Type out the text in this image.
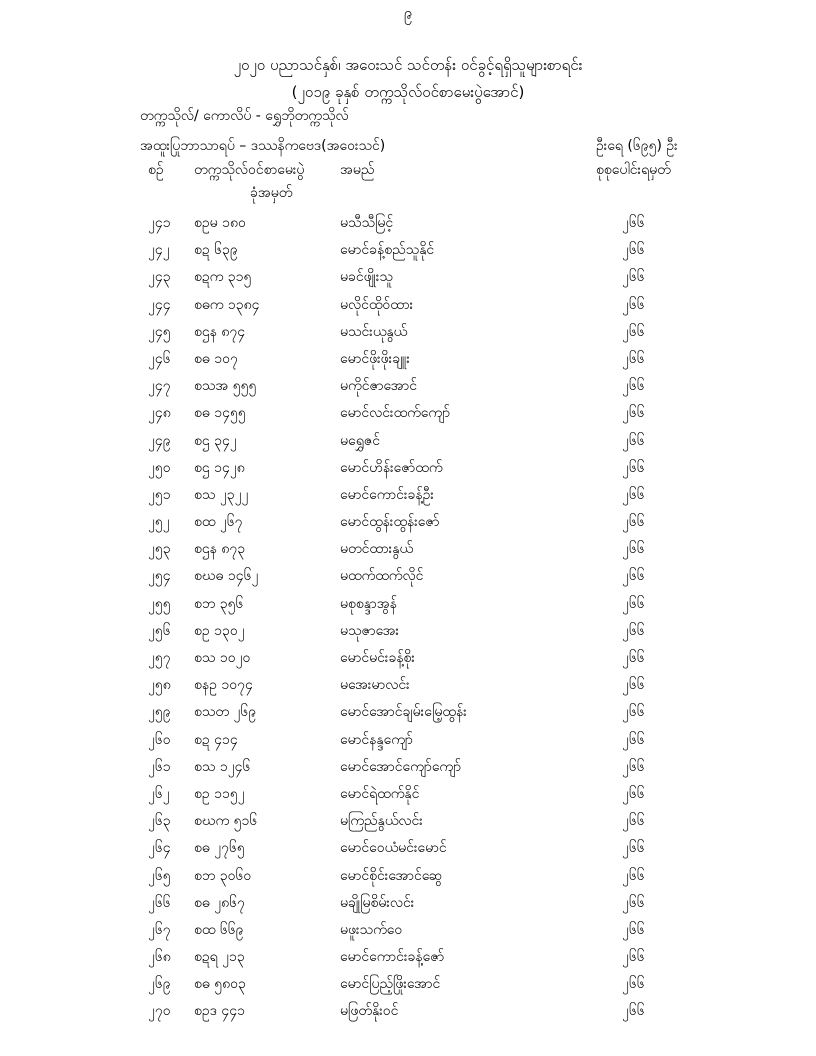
၉
၂၀၂၀ ပညာသင်နှစ်၊ အဝေးသင် သင်တန်း ဝင်ခွင့်ရရှိသူများစာရင်း
(၂၀၁၉ ခုနှစ် တက္ကသိုလ်ဝင်စာမေးပွဲအောင်)
တက္ကသိုလ်/ ကောလိပ် - ရွှေဘိုတက္ကသိုလ်
အထူးပြုဘာသာရပ် – ဒဿနိကဗေဒ(အဝေးသင်)	ဦးရေ (၆၉၅) ဦး
စဉ် တက္ကသိုလ်ဝင်စာမေးပွဲ
ခုံအမှတ်
အမည်	စုစုပေါင်းရမှတ်
၂၄၁ စဥမ ၁၈၀	မသီသီမြင့်	၂၆၆
၂၄၂ စဍ ၆၃၉	မောင်ခန့်စည်သူနိုင်	၂၆၆
၂၄၃ စဍက ၃၁၅	မခင်ဖျိုးသူ	၂၆၆
၂၄၄ စဓက ၁၃၈၄	မလိုင်ထိုဝ်ထား	၂၆၆
၂၄၅ စဌန ၈၇၄	မသင်းယုနွယ်	၂၆၆
၂၄၆ စဓ ၁၀၇	မောင်ဖိုးဖိုးချူး	၂၆၆
၂၄၇ စသအ ၅၅၅	မကိုင်ဇာအောင်	၂၆၆
၂၄၈ စဓ ၁၄၅၅	မောင်လင်းထက်ကျော်	၂၆၆
၂၄၉ စဌ ၃၄၂	မရွှေဇင်	၂၆၆
၂၅၀ စဌ ၁၄၂၈	မောင်ဟိန်းဇော်ထက်	၂၆၆
၂၅၁ စသ ၂၃၂၂	မောင်ကောင်းခန့်ဦး	၂၆၆
၂၅၂ စထ ၂၆၇	မောင်ထွန်းထွန်းဇော်	၂၆၆
၂၅၃ စဌန ၈၇၃	မတင်ထားနွယ်	၂၆၆
၂၅၄ စဃဓ ၁၄၆၂	မထက်ထက်လိုင်	၂၆၆
၂၅၅ စဘ ၃၅၆	မစုစန္ဒာအွန်	၂၆၆
၂၅၆ စဥ ၁၃၀၂	မသုဇာအေး	၂၆၆
၂၅၇ စသ ၁၀၂၀	မောင်မင်းခန့်စိုး	၂၆၆
၂၅၈ စနဥ ၁၀၇၄	မအေးမာလင်း	၂၆၆
၂၅၉ စသတ ၂၆၉	မောင်အောင်ချမ်းမြေ့ထွန်း	၂၆၆
၂၆၀ စဍ ၄၁၄	မောင်နန္ဒကျော်	၂၆၆
၂၆၁ စသ ၁၂၄၆	မောင်အောင်ကျော်ကျော်	၂၆၆
၂၆၂ စဥ ၁၁၅၂	မောင်ရဲထက်နိုင်	၂၆၆
၂၆၃ စဃက ၅၁၆	မကြည်နွယ်လင်း	၂၆၆
၂၆၄ စဓ ၂၇၆၅	မောင်ဝေယံမင်းမောင်	၂၆၆
၂၆၅ စဘ ၃၀၆၀	မောင်စိုင်းအောင်ဆွေ	၂၆၆
၂၆၆ စဓ ၂၈၆၇	မချိုမြစိမ်းလင်း	၂၆၆
၂၆၇ စထ ၆၆၉	မဖူးသက်ဝေ	၂၆၆
၂၆၈ စဍရ ၂၁၃	မောင်ကောင်းခန့်ဇော်	၂၆၆
၂၆၉ စဓ ၅၈၀၃	မောင်ပြည့်ဖြိုးအောင်	၂၆၆
၂၇၀ စဥဒ ၄၄၁	မဖြတ်နိုးဝင်	၂၆၆
